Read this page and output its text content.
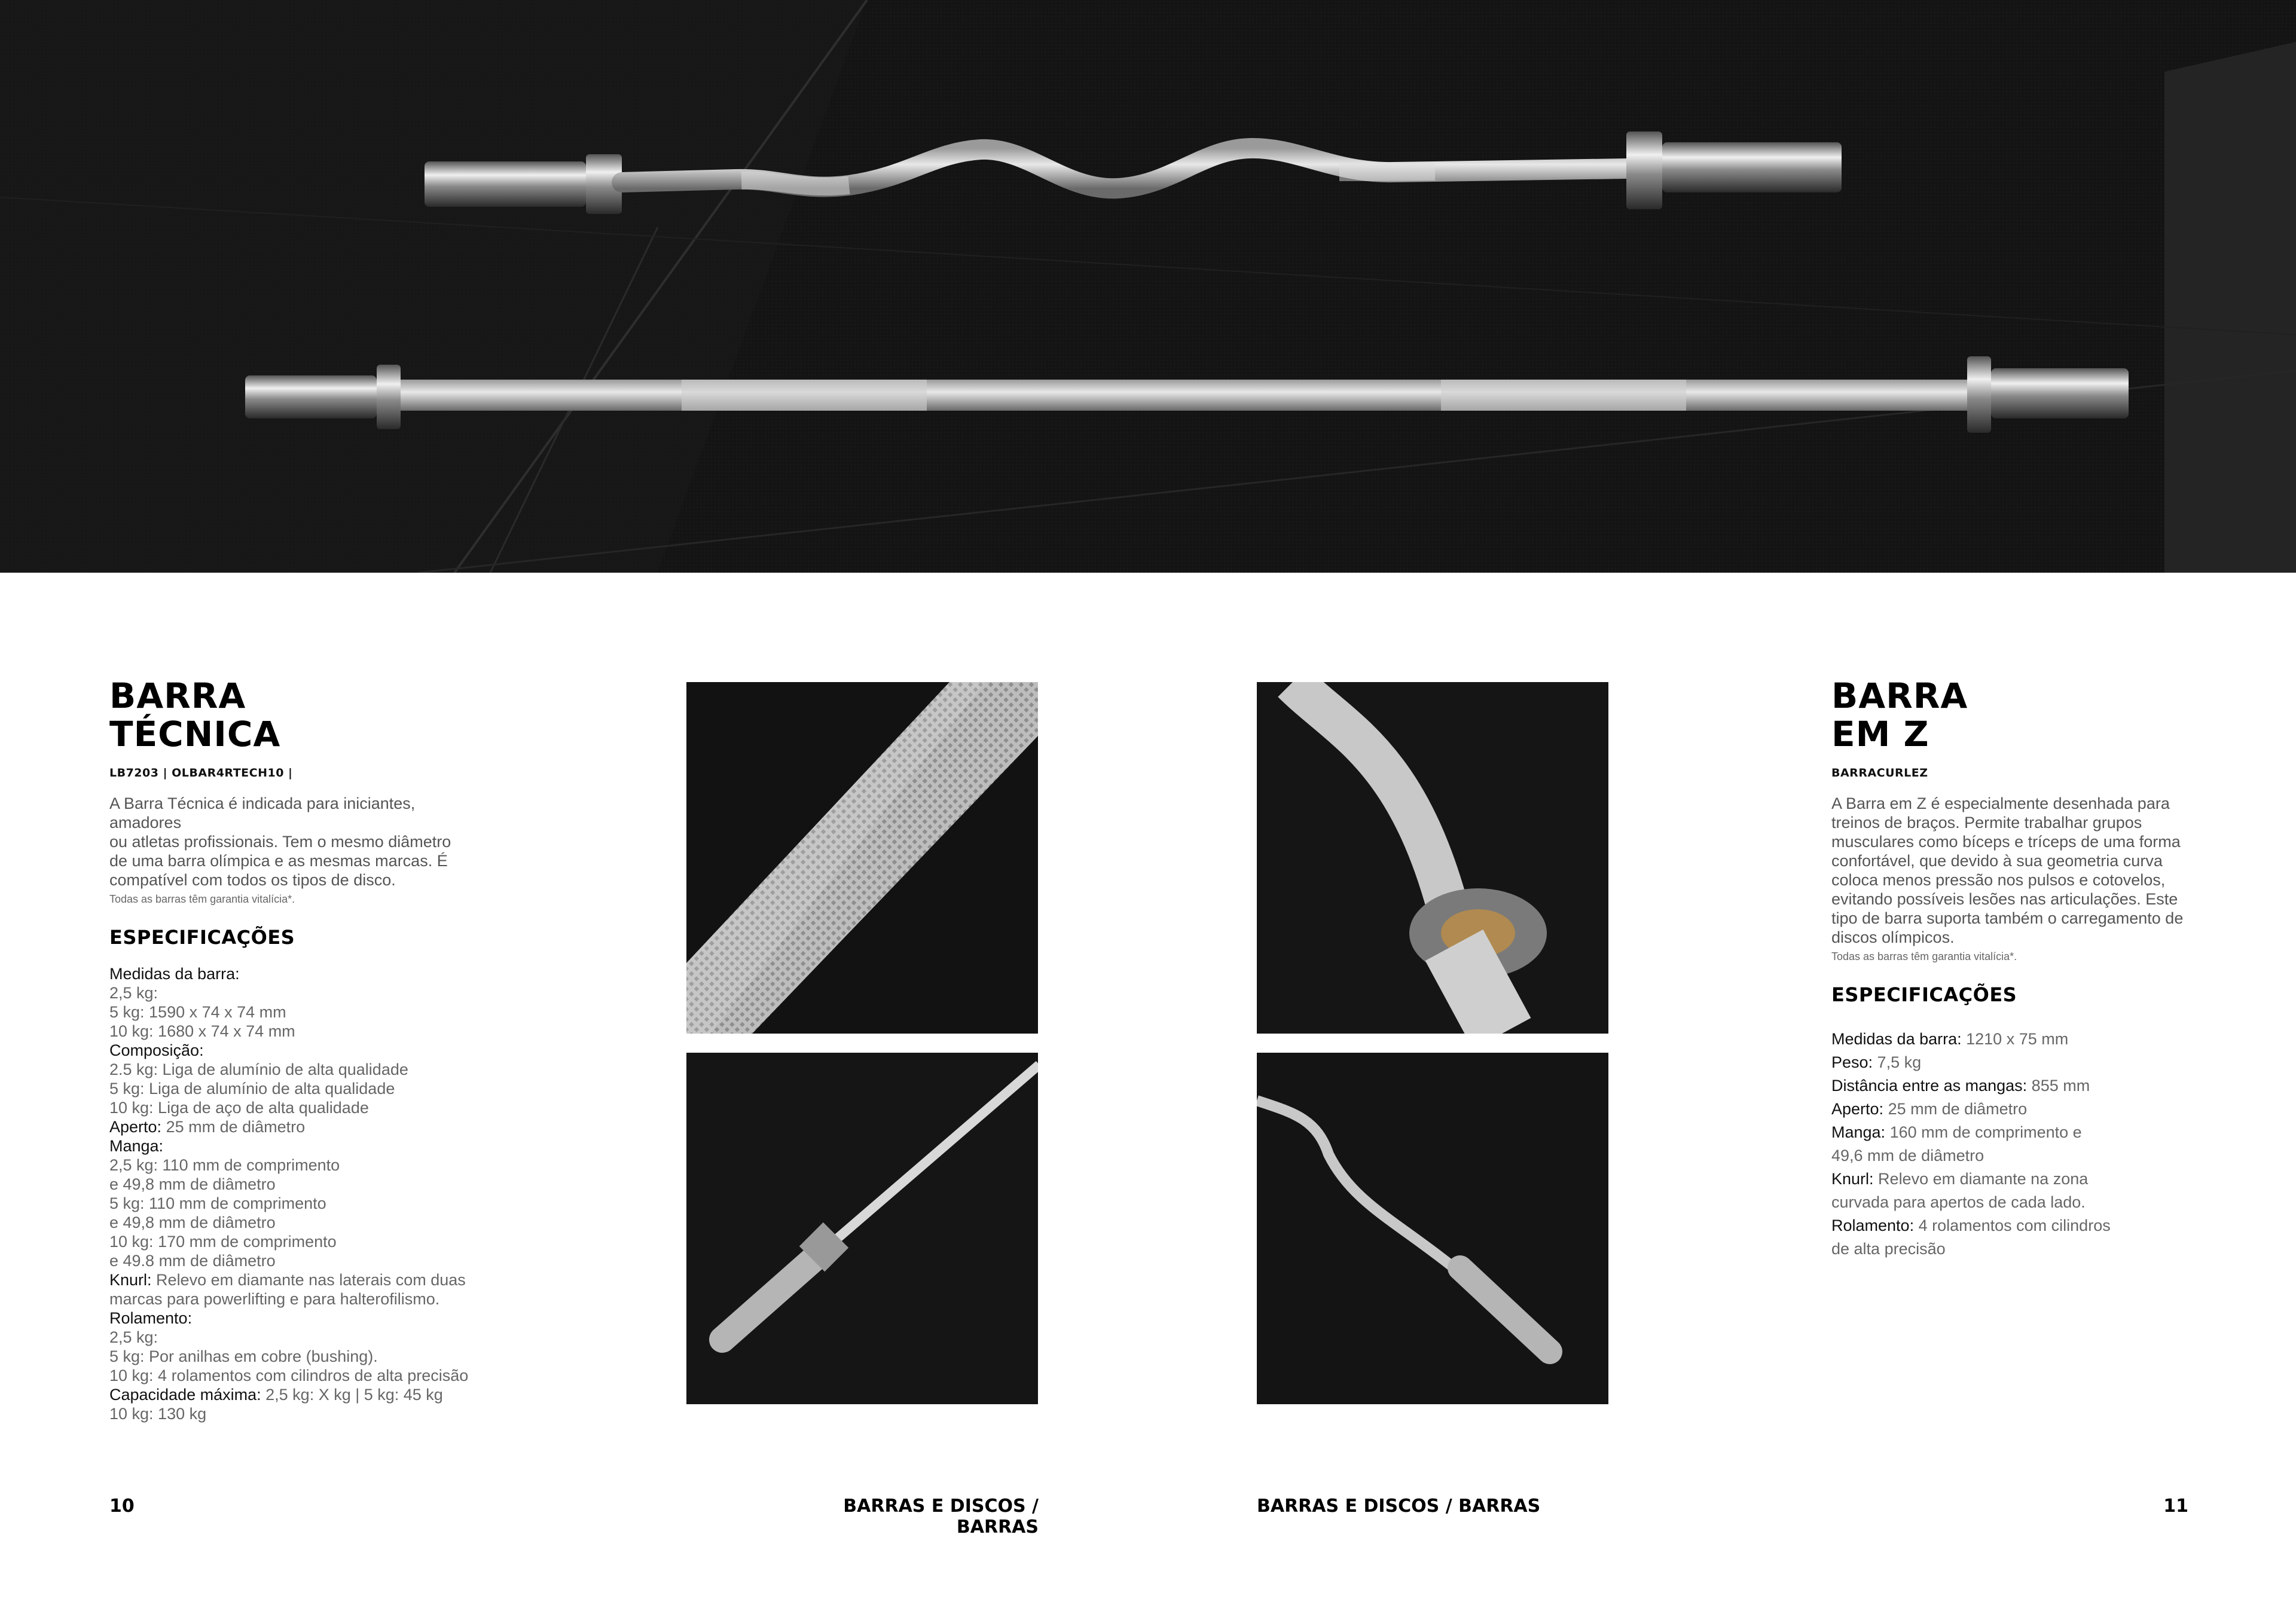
BARRA
TÉCNICA
LB7203 | OLBAR4RTECH10 |
A Barra Técnica é indicada para iniciantes, amadores
ou atletas profissionais. Tem o mesmo diâmetro
de uma barra olímpica e as mesmas marcas. É
compatível com todos os tipos de disco.
Todas as barras têm garantia vitalícia*.
ESPECIFICAÇÕES
Medidas da barra:
2,5 kg:
5 kg: 1590 x 74 x 74 mm
10 kg: 1680 x 74 x 74 mm
Composição:
2.5 kg: Liga de alumínio de alta qualidade
5 kg: Liga de alumínio de alta qualidade
10 kg: Liga de aço de alta qualidade
Aperto: 25 mm de diâmetro
Manga:
2,5 kg: 110 mm de comprimento
e 49,8 mm de diâmetro
5 kg: 110 mm de comprimento
e 49,8 mm de diâmetro
10 kg: 170 mm de comprimento
e 49.8 mm de diâmetro
Knurl: Relevo em diamante nas laterais com duas
marcas para powerlifting e para halterofilismo.
Rolamento:
2,5 kg:
5 kg: Por anilhas em cobre (bushing).
10 kg: 4 rolamentos com cilindros de alta precisão
Capacidade máxima: 2,5 kg: X kg | 5 kg: 45 kg
10 kg: 130 kg
BARRA
EM Z
BARRACURLEZ
A Barra em Z é especialmente desenhada para
treinos de braços. Permite trabalhar grupos
musculares como bíceps e tríceps de uma forma
confortável, que devido à sua geometria curva
coloca menos pressão nos pulsos e cotovelos,
evitando possíveis lesões nas articulações. Este
tipo de barra suporta também o carregamento de
discos olímpicos.
Todas as barras têm garantia vitalícia*.
ESPECIFICAÇÕES
Medidas da barra: 1210 x 75 mm
Peso: 7,5 kg
Distância entre as mangas: 855 mm
Aperto: 25 mm de diâmetro
Manga: 160 mm de comprimento e
49,6 mm de diâmetro
Knurl: Relevo em diamante na zona
curvada para apertos de cada lado.
Rolamento: 4 rolamentos com cilindros
de alta precisão
10	BARRAS E DISCOS / BARRAS
BARRAS E DISCOS / BARRAS	11
